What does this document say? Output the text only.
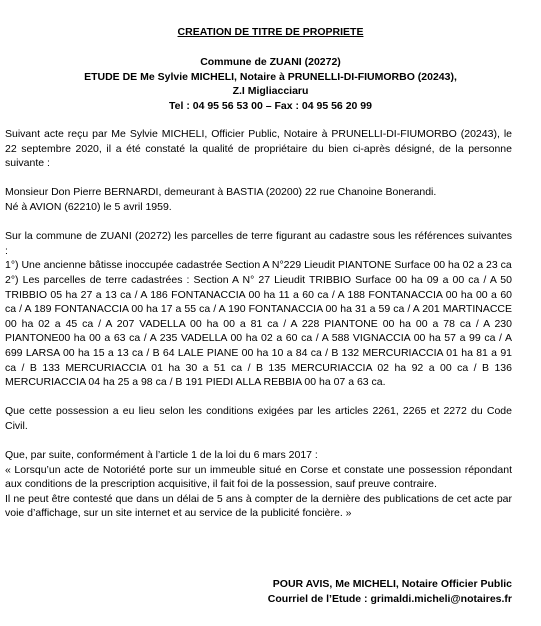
CREATION DE TITRE DE PROPRIETE
Commune de ZUANI (20272)
ETUDE DE Me Sylvie MICHELI, Notaire à PRUNELLI-DI-FIUMORBO (20243),
Z.I Migliacciaru
Tel : 04 95 56 53 00 – Fax : 04 95 56 20 99

Suivant acte reçu par Me Sylvie MICHELI, Officier Public, Notaire à PRUNELLI-DI-FIUMORBO (20243), le 22 septembre 2020, il a été constaté la qualité de propriétaire du bien ci-après désigné, de la personne suivante :

Monsieur Don Pierre BERNARDI, demeurant à BASTIA (20200) 22 rue Chanoine Bonerandi.

Né à AVION (62210) le 5 avril 1959.

Sur la commune de ZUANI (20272) les parcelles de terre figurant au cadastre sous les références suivantes :

1°) Une ancienne bâtisse inoccupée cadastrée Section A N°229 Lieudit PIANTONE Surface 00 ha 02 a 23 ca

2°) Les parcelles de terre cadastrées : Section A N° 27 Lieudit TRIBBIO Surface 00 ha 09 a 00 ca / A 50 TRIBBIO 05 ha 27 a 13 ca / A 186 FONTANACCIA 00 ha 11 a 60 ca / A 188 FONTANACCIA 00 ha 00 a 60 ca / A 189 FONTANACCIA 00 ha 17 a 55 ca / A 190 FONTANACCIA 00 ha 31 a 59 ca / A 201 MARTINACCE 00 ha 02 a 45 ca / A 207 VADELLA 00 ha 00 a 81 ca / A 228 PIANTONE 00 ha 00 a 78 ca / A 230 PIANTONE00 ha 00 a 63 ca / A 235 VADELLA 00 ha 02 a 60 ca / A 588 VIGNACCIA 00 ha 57 a 99 ca / A 699 LARSA 00 ha 15 a 13 ca / B 64 LALE PIANE 00 ha 10 a 84 ca / B 132 MERCURIACCIA 01 ha 81 a 91 ca / B 133 MERCURIACCIA 01 ha 30 a 51 ca / B 135 MERCURIACCIA 02 ha 92 a 00 ca / B 136 MERCURIACCIA 04 ha 25 a 98 ca / B 191 PIEDI ALLA REBBIA 00 ha 07 a 63 ca.

Que cette possession a eu lieu selon les conditions exigées par les articles 2261, 2265 et 2272 du Code Civil.

Que, par suite, conformément à l’article 1 de la loi du 6 mars 2017 :

« Lorsqu’un acte de Notoriété porte sur un immeuble situé en Corse et constate une possession répondant aux conditions de la prescription acquisitive, il fait foi de la possession, sauf preuve contraire.

Il ne peut être contesté que dans un délai de 5 ans à compter de la dernière des publications de cet acte par voie d’affichage, sur un site internet et au service de la publicité foncière. »

POUR AVIS, Me MICHELI, Notaire Officier Public
Courriel de l’Etude : grimaldi.micheli@notaires.fr
